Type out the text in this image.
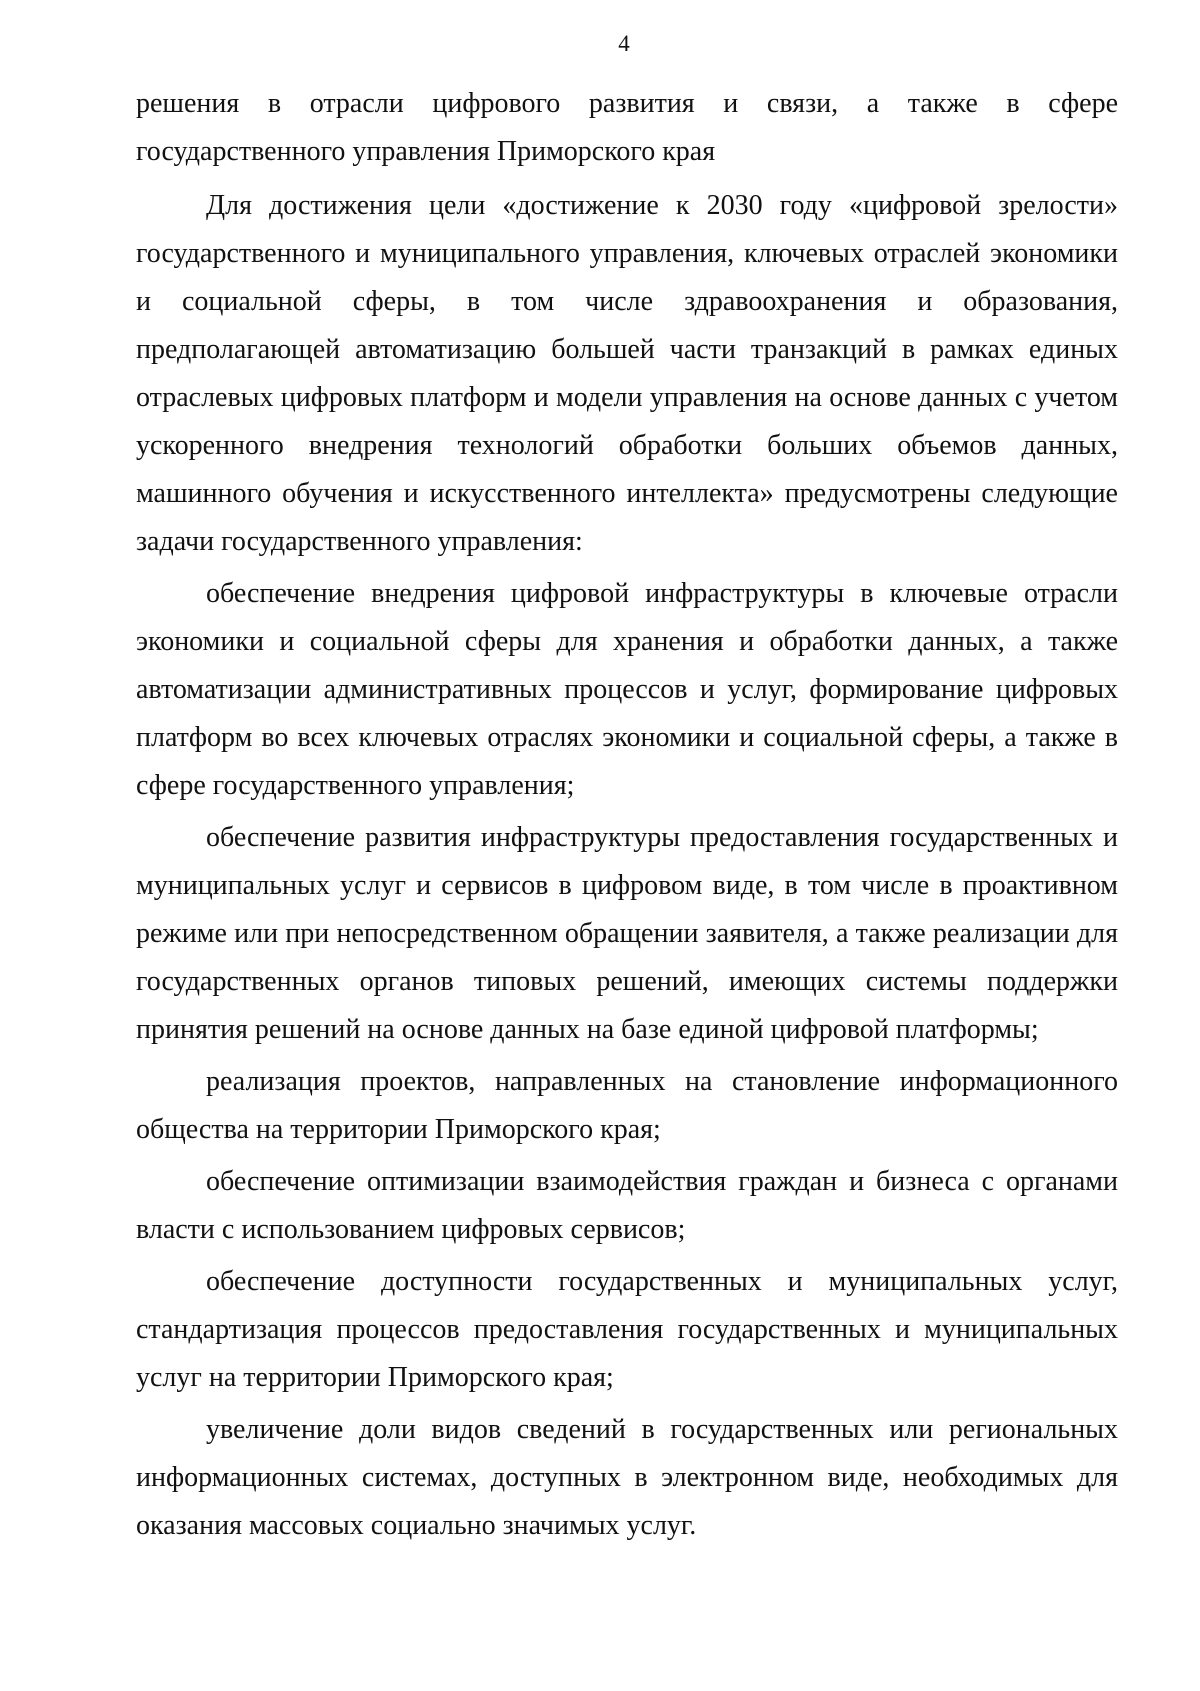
4

решения в отрасли цифрового развития и связи, а также в сфере государственного управления Приморского края

Для достижения цели «достижение к 2030 году «цифровой зрелости» государственного и муниципального управления, ключевых отраслей экономики и социальной сферы, в том числе здравоохранения и образования, предполагающей автоматизацию большей части транзакций в рамках единых отраслевых цифровых платформ и модели управления на основе данных с учетом ускоренного внедрения технологий обработки больших объемов данных, машинного обучения и искусственного интеллекта» предусмотрены следующие задачи государственного управления:

обеспечение внедрения цифровой инфраструктуры в ключевые отрасли экономики и социальной сферы для хранения и обработки данных, а также автоматизации административных процессов и услуг, формирование цифровых платформ во всех ключевых отраслях экономики и социальной сферы, а также в сфере государственного управления;

обеспечение развития инфраструктуры предоставления государственных и муниципальных услуг и сервисов в цифровом виде, в том числе в проактивном режиме или при непосредственном обращении заявителя, а также реализации для государственных органов типовых решений, имеющих системы поддержки принятия решений на основе данных на базе единой цифровой платформы;

реализация проектов, направленных на становление информационного общества на территории Приморского края;

обеспечение оптимизации взаимодействия граждан и бизнеса с органами власти с использованием цифровых сервисов;

обеспечение доступности государственных и муниципальных услуг, стандартизация процессов предоставления государственных и муниципальных услуг на территории Приморского края;

увеличение доли видов сведений в государственных или региональных информационных системах, доступных в электронном виде, необходимых для оказания массовых социально значимых услуг.
